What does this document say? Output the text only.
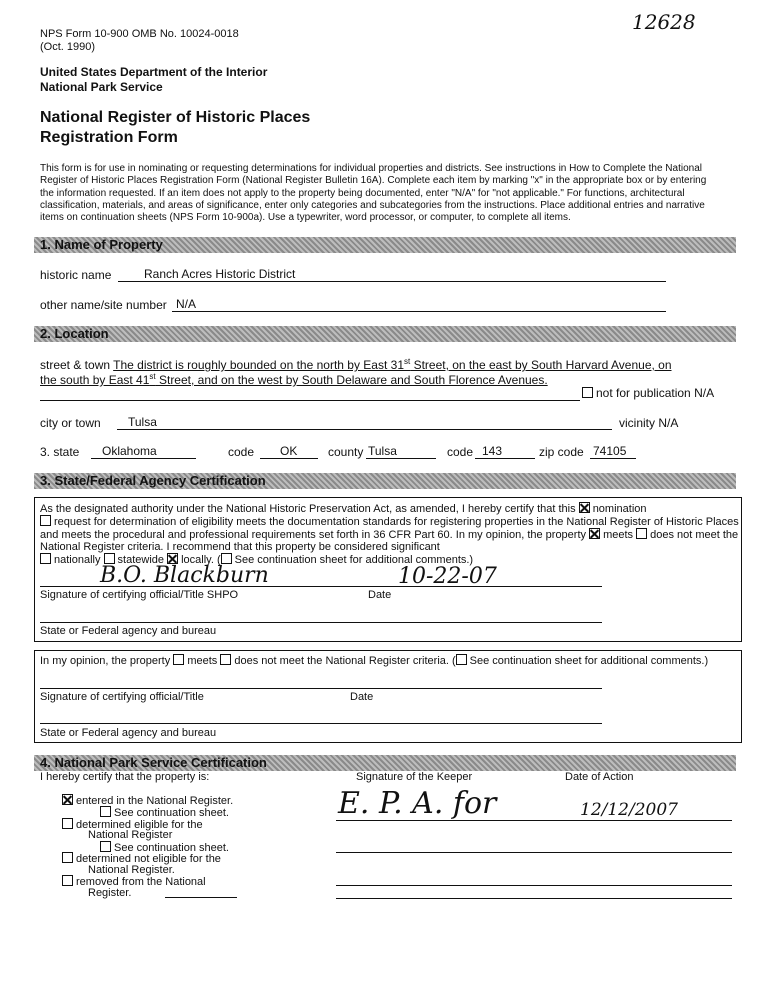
NPS Form 10-900 OMB No. 10024-0018
(Oct. 1990)
12628
United States Department of the Interior
National Park Service
National Register of Historic Places
Registration Form
This form is for use in nominating or requesting determinations for individual properties and districts. See instructions in How to Complete the National
Register of Historic Places Registration Form (National Register Bulletin 16A). Complete each item by marking "x" in the appropriate box or by entering
the information requested. If an item does not apply to the property being documented, enter "N/A" for "not applicable." For functions, architectural
classification, materials, and areas of significance, enter only categories and subcategories from the instructions. Place additional entries and narrative
items on continuation sheets (NPS Form 10-900a). Use a typewriter, word processor, or computer, to complete all items.
1. Name of Property
historic name	Ranch Acres Historic District
other name/site number N/A
2. Location
street & town The district is roughly bounded on the north by East 31st Street, on the east by South Harvard Avenue, on
the south by East 41st Street, and on the west by South Delaware and South Florence Avenues.
not for publication N/A
city or town Tulsa	vicinity N/A
3. state Oklahoma	code OK	county Tulsa	code 143	zip code 74105
3. State/Federal Agency Certification
As the designated authority under the National Historic Preservation Act, as amended, I hereby certify that this nomination
request for determination of eligibility meets the documentation standards for registering properties in the National Register of Historic Places
and meets the procedural and professional requirements set forth in 36 CFR Part 60. In my opinion, the property meets does not meet the
National Register criteria. I recommend that this property be considered significant
nationally statewide locally. ( See continuation sheet for additional comments.)
B.O. Blackburn	10-22-07
Signature of certifying official/Title SHPO	Date
State or Federal agency and bureau
In my opinion, the property meets does not meet the National Register criteria. ( See continuation sheet for additional comments.)
Signature of certifying official/Title	Date
State or Federal agency and bureau
4. National Park Service Certification
I hereby certify that the property is:	Signature of the Keeper	Date of Action
entered in the National Register.
See continuation sheet.
determined eligible for the
National Register
See continuation sheet.
determined not eligible for the
National Register.
removed from the National
Register.
E. P. A. for	12/12/2007
